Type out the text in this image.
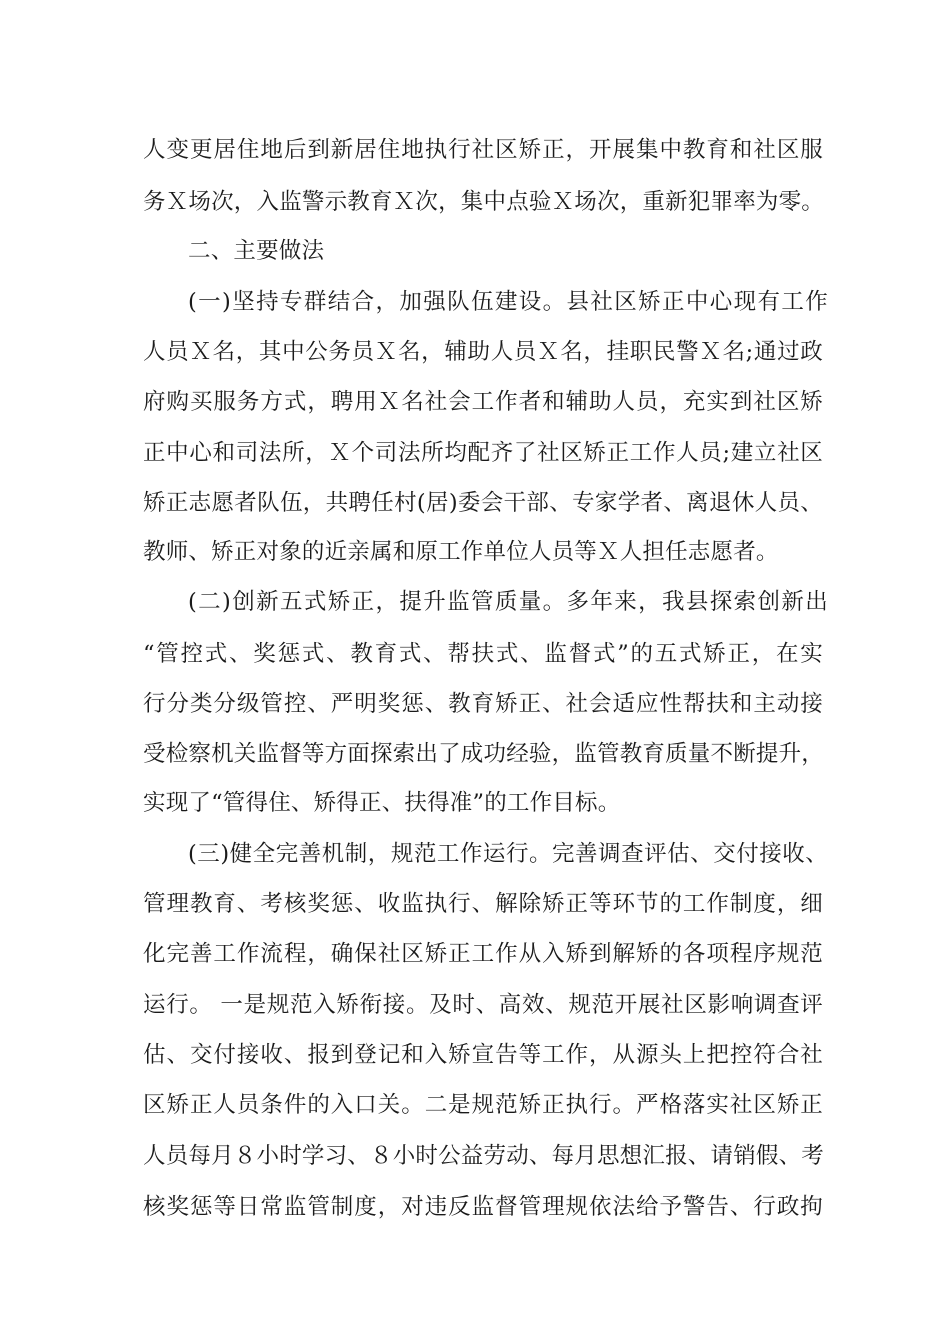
人变更居住地后到新居住地执行社区矫正，开展集中教育和社区服
务Ｘ场次，入监警示教育Ｘ次，集中点验Ｘ场次，重新犯罪率为零。
二、主要做法
(一)坚持专群结合，加强队伍建设。县社区矫正中心现有工作
人员Ｘ名，其中公务员Ｘ名，辅助人员Ｘ名，挂职民警Ｘ名;通过政
府购买服务方式，聘用Ｘ名社会工作者和辅助人员，充实到社区矫
正中心和司法所，Ｘ个司法所均配齐了社区矫正工作人员;建立社区
矫正志愿者队伍，共聘任村(居)委会干部、专家学者、离退休人员、
教师、矫正对象的近亲属和原工作单位人员等Ｘ人担任志愿者。
(二)创新五式矫正，提升监管质量。多年来，我县探索创新出
“管控式、奖惩式、教育式、帮扶式、监督式”的五式矫正，在实
行分类分级管控、严明奖惩、教育矫正、社会适应性帮扶和主动接
受检察机关监督等方面探索出了成功经验，监管教育质量不断提升，
实现了“管得住、矫得正、扶得准”的工作目标。
(三)健全完善机制，规范工作运行。完善调查评估、交付接收、
管理教育、考核奖惩、收监执行、解除矫正等环节的工作制度，细
化完善工作流程，确保社区矫正工作从入矫到解矫的各项程序规范
运行。 一是规范入矫衔接。及时、高效、规范开展社区影响调查评
估、交付接收、报到登记和入矫宣告等工作，从源头上把控符合社
区矫正人员条件的入口关。二是规范矫正执行。严格落实社区矫正
人员每月８小时学习、８小时公益劳动、每月思想汇报、请销假、考
核奖惩等日常监管制度，对违反监督管理规依法给予警告、行政拘
